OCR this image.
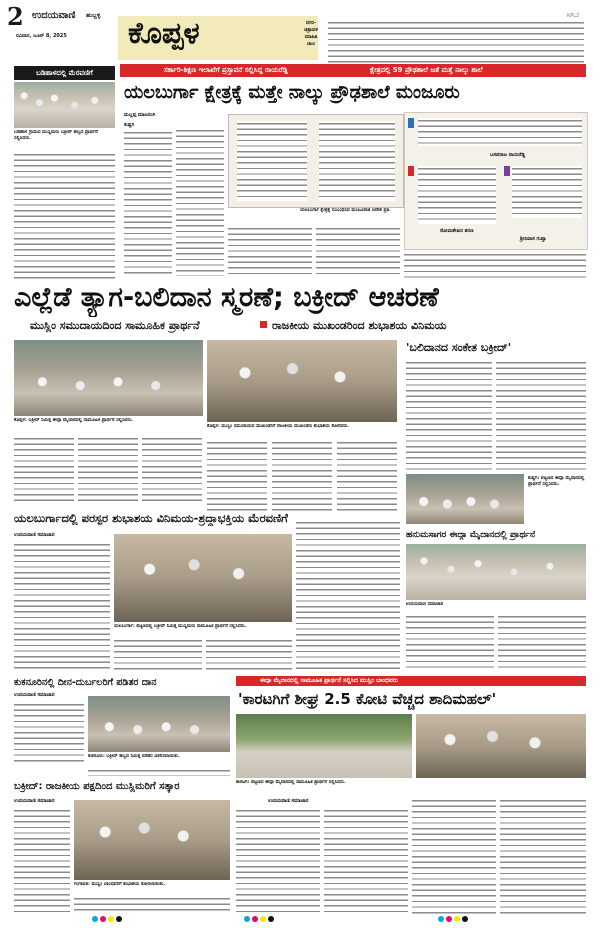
2 ಉದಯವಾಣಿ ಹುಬ್ಬಳ್ಳಿ
ರವಿವಾರ, ಜೂನ್ 8, 2025 ಕೊಪ್ಪಳ	ನಗರ-ಚಿತ್ರಾವಳಿ ಮಾಹಿತಿ ಜಾಲ
KPL2
ಬಡಿಹಾಳದಲ್ಲಿ ಮೆರವಣಿಗೆ
ಬಡಿಹಾಳ ಗ್ರಾಮದ ಮುಸ್ಲಿಮರು ಬಕ್ರೀದ್ ಹಬ್ಬದ ಪ್ರಾರ್ಥನೆ ಸಲ್ಲಿಸಿದರು.
ಸರ್ಕಾರಿ-ಶಿಕ್ಷಣ ಇಲಾಖೆಗೆ ಪ್ರಸ್ತಾವನೆ ಸಲ್ಲಿಸಿದ್ದ ರಾಯರೆಡ್ಡಿ	ಕ್ಷೇತ್ರದಲ್ಲಿ 59 ಪ್ರೌಢಶಾಲೆ ಜತೆ ಮತ್ತೆ ನಾಲ್ಕು ಶಾಲೆ
ಯಲಬುರ್ಗಾ ಕ್ಷೇತ್ರಕ್ಕೆ ಮತ್ತೇ ನಾಲ್ಕು ಪ್ರೌಢಶಾಲೆ ಮಂಜೂರು
ಮಲ್ಲಪ್ಪ ಮಾಟರಂಗಿ
ಕುಷ್ಟಗಿ
ಯಲಬುರ್ಗಾ ಕ್ಷೇತ್ರಕ್ಕೆ ಸಂಬಂಧಿಸಿದ ಮಂಜೂರಾತಿ ಆದೇಶ ಪ್ರತಿ.
ಬಸವರಾಜ ರಾಯರೆಡ್ಡಿ
ಸೋಮಶೇಖರ ಶರಣ
ಶ್ರೀನಿವಾಸ ಗುಪ್ತಾ
ಎಲ್ಲೆಡೆ ತ್ಯಾಗ-ಬಲಿದಾನ ಸ್ಮರಣೆ; ಬಕ್ರೀದ್ ಆಚರಣೆ
ಮುಸ್ಲಿಂ ಸಮುದಾಯದಿಂದ ಸಾಮೂಹಿಕ ಪ್ರಾರ್ಥನೆ	ರಾಜಕೀಯ ಮುಖಂಡರಿಂದ ಶುಭಾಶಯ ವಿನಿಮಯ
ಕೊಪ್ಪಳ: ಬಕ್ರೀದ್ ನಿಮಿತ್ತ ಈದ್ಗಾ ಮೈದಾನದಲ್ಲಿ ಸಾಮೂಹಿಕ ಪ್ರಾರ್ಥನೆ ಸಲ್ಲಿಸಿದರು.
ಕೊಪ್ಪಳ: ಮುಸ್ಲಿಂ ಸಮುದಾಯದ ಮುಖಂಡರಿಗೆ ರಾಜಕೀಯ ಮುಖಂಡರು ಶುಭಾಶಯ ಕೋರಿದರು.
'ಬಲಿದಾನದ ಸಂಕೇತ ಬಕ್ರೀದ್'
ಕುಷ್ಟಗಿ: ಪಟ್ಟಣದ ಈದ್ಗಾ ಮೈದಾನದಲ್ಲಿ ಪ್ರಾರ್ಥನೆ ಸಲ್ಲಿಸಿದರು.
ಯಲಬುರ್ಗಾದಲ್ಲಿ ಪರಸ್ಪರ ಶುಭಾಶಯ ವಿನಿಮಯ-ಶ್ರದ್ಧಾಭಕ್ತಿಯ ಮೆರವಣಿಗೆ
ಉದಯವಾಣಿ ಸಮಾಚಾರ
ಯಲಬುರ್ಗಾ: ಪಟ್ಟಣದಲ್ಲಿ ಬಕ್ರೀದ್ ನಿಮಿತ್ತ ಮುಸ್ಲಿಮರು ಸಾಮೂಹಿಕ ಪ್ರಾರ್ಥನೆ ಸಲ್ಲಿಸಿದರು.
ಹನುಮಸಾಗರ ಈದ್ಗಾ ಮೈದಾನದಲ್ಲಿ ಪ್ರಾರ್ಥನೆ
ಉದಯವಾಣಿ ಸಮಾಚಾರ
ಕುಕನೂರಿನಲ್ಲಿ ದೀನ-ದುರ್ಬಲರಿಗೆ ಪಡಿತರ ದಾನ
ಉದಯವಾಣಿ ಸಮಾಚಾರ
ಕುಕನೂರು: ಬಕ್ರೀದ್ ಹಬ್ಬದ ನಿಮಿತ್ತ ಪಡಿತರ ವಿತರಿಸಲಾಯಿತು.
ಈದ್ಗಾ ಮೈದಾನದಲ್ಲಿ ಸಾಮೂಹಿಕ ಪ್ರಾರ್ಥನೆ ಸಲ್ಲಿಸಿದ ಮುಸ್ಲಿಂ ಬಾಂಧವರು
'ಕಾರಟಗಿಗೆ ಶೀಘ್ರ 2.5 ಕೋಟಿ ವೆಚ್ಚದ ಶಾದಿಮಹಲ್'
ಕಾರಟಗಿ: ಪಟ್ಟಣದ ಈದ್ಗಾ ಮೈದಾನದಲ್ಲಿ ಸಾಮೂಹಿಕ ಪ್ರಾರ್ಥನೆ ಸಲ್ಲಿಸಿದರು.
ಉದಯವಾಣಿ ಸಮಾಚಾರ
ಬಕ್ರೀದ್: ರಾಜಕೀಯ ಪಕ್ಷದಿಂದ ಮುಸ್ಲಿಮರಿಗೆ ಸತ್ಕಾರ
ಉದಯವಾಣಿ ಸಮಾಚಾರ
ಗಂಗಾವತಿ: ಮುಸ್ಲಿಂ ಬಾಂಧವರಿಗೆ ಶುಭಾಶಯ ಕೋರಲಾಯಿತು.
